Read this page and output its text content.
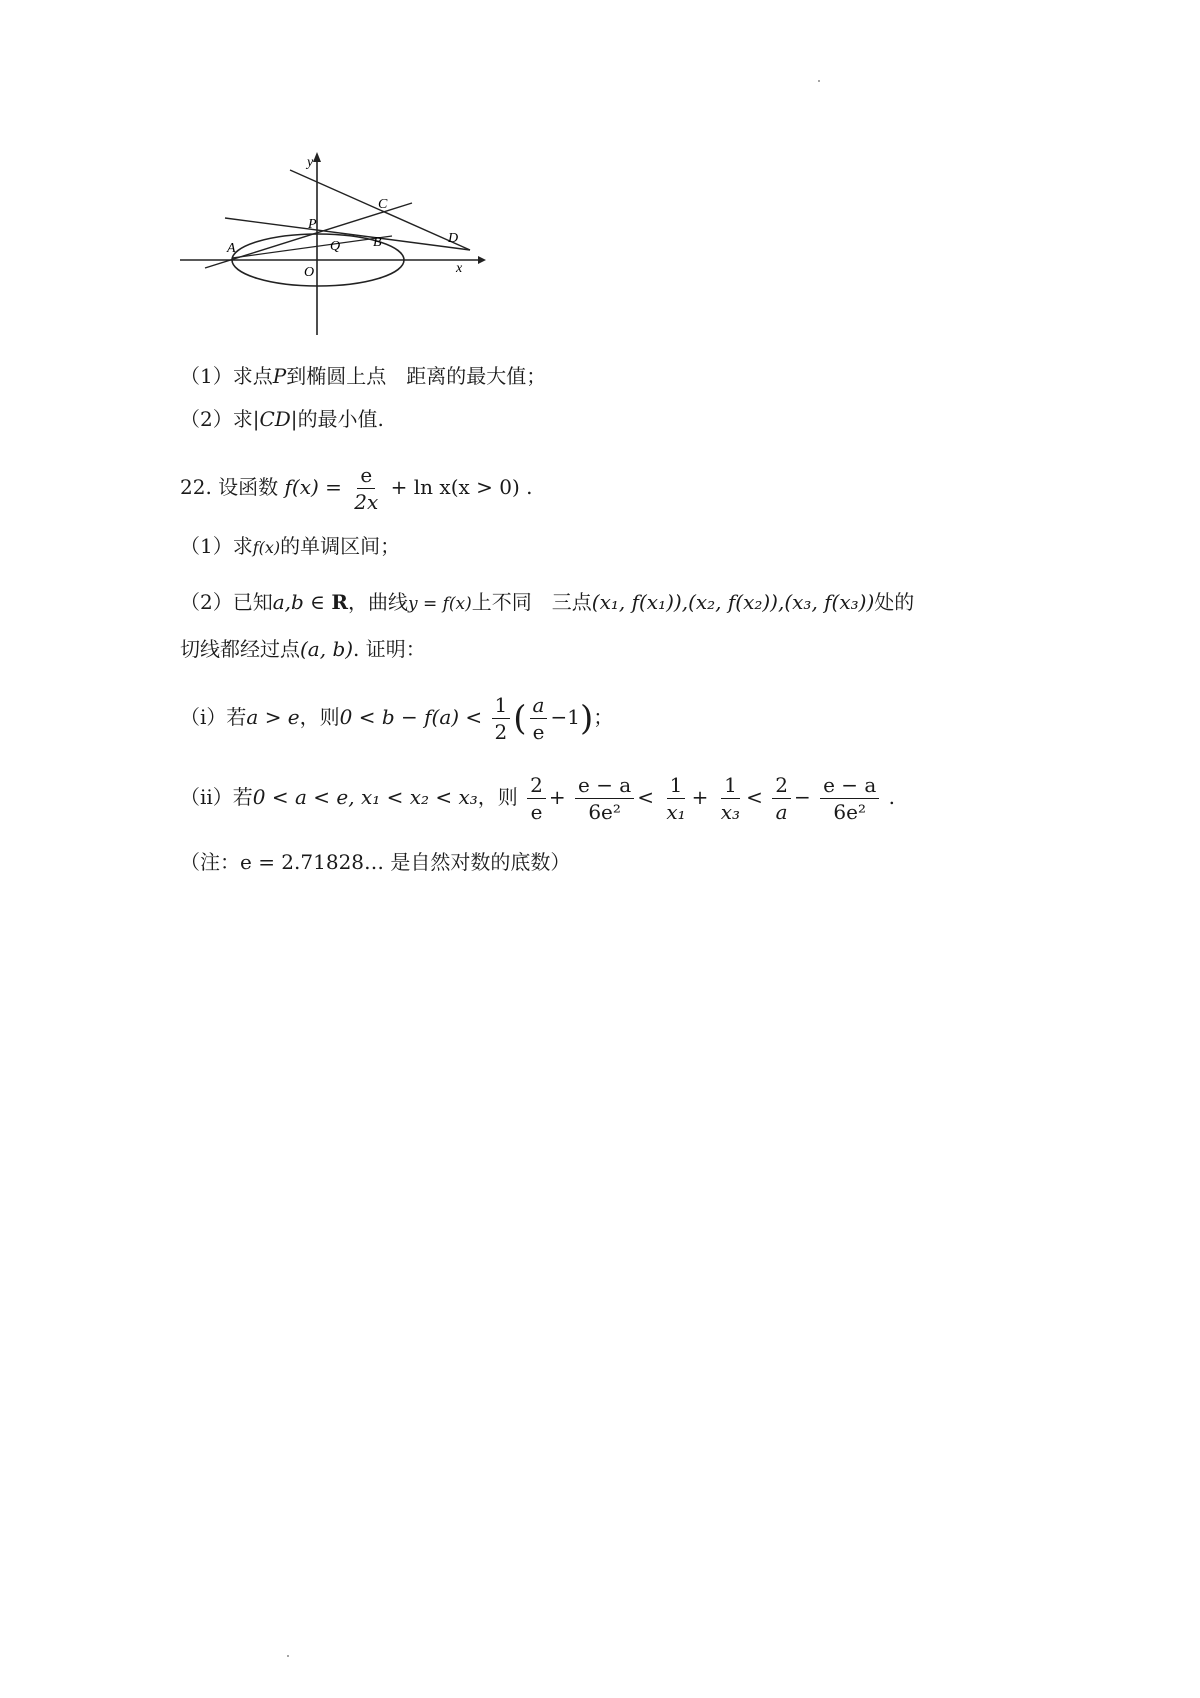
y
x
P
C
A	Q B	D
O
（1）求点P到椭圆上点　距离的最大值；
（2）求|CD|的最小值.
22. 设函数 $f(x) = \frac{e}{2x} + \ln x(x > 0)$ .
（1）求f(x)的单调区间；
（2）已知a,b ∈ R，曲线y = f(x)上不同　三点(x₁, f(x₁)),(x₂, f(x₂)),(x₃, f(x₃))处的
切线都经过点(a, b). 证明：
（ⅰ）若a > e，则$0 < b - f(a) < \frac{1}{2}$ ( $\frac{a}{e} -1$)；
（ⅱ）若0 < a < e, x₁ < x₂ < x₃，则 $\frac{2}{e} + \frac{e - a}{\text{6e²}} < \frac{1}{\text{x₁}} + \frac{1}{\text{x₃}} < \frac{2}{a} - \frac{e - a}{\text{6e²}}$ .
（注：e = 2.71828… 是自然对数的底数）
